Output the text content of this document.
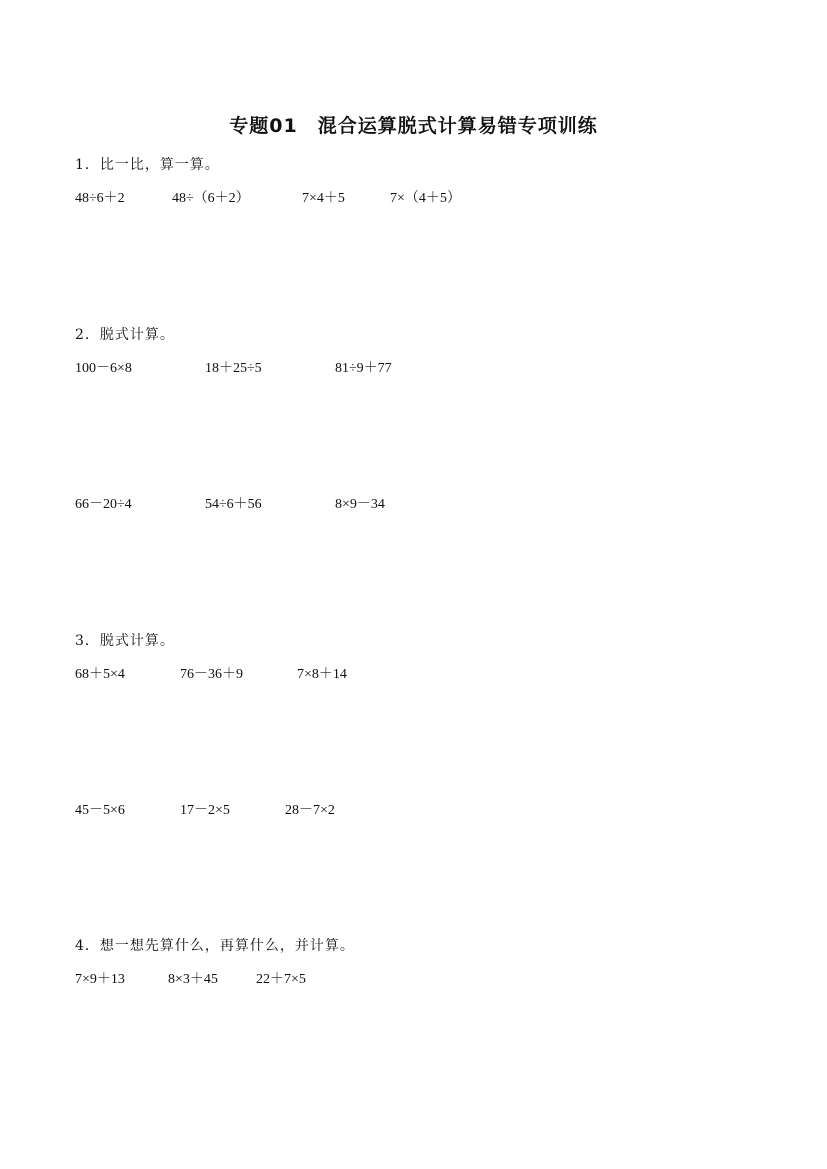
专题01　混合运算脱式计算易错专项训练

1．比一比，算一算。

48÷6＋2	48÷（6＋2）	7×4＋5	7×（4＋5）

2．脱式计算。

100－6×8	18＋25÷5	81÷9＋77
66－20÷4	54÷6＋56	8×9－34

3．脱式计算。

68＋5×4	76－36＋9	7×8＋14
45－5×6	17－2×5	28－7×2

4．想一想先算什么，再算什么，并计算。

7×9＋13	8×3＋45	22＋7×5
